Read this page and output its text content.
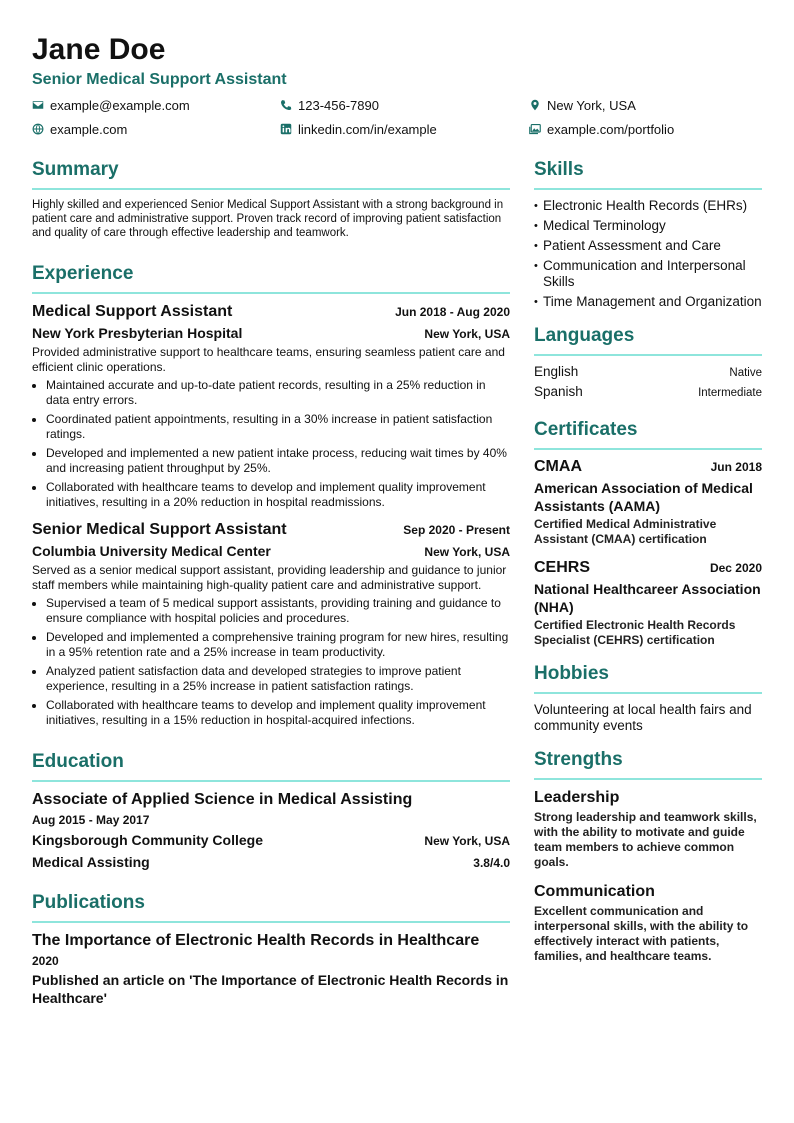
Jane Doe
Senior Medical Support Assistant
example@example.com	123-456-7890	New York, USA
example.com	linkedin.com/in/example	example.com/portfolio
Summary
Highly skilled and experienced Senior Medical Support Assistant with a strong background in patient care and administrative support. Proven track record of improving patient satisfaction and quality of care through effective leadership and teamwork.
Experience
Medical Support Assistant	Jun 2018 - Aug 2020
New York Presbyterian Hospital	New York, USA
Provided administrative support to healthcare teams, ensuring seamless patient care and efficient clinic operations.
• Maintained accurate and up-to-date patient records, resulting in a 25% reduction in data entry errors.
• Coordinated patient appointments, resulting in a 30% increase in patient satisfaction ratings.
• Developed and implemented a new patient intake process, reducing wait times by 40% and increasing patient throughput by 25%.
• Collaborated with healthcare teams to develop and implement quality improvement initiatives, resulting in a 20% reduction in hospital readmissions.
Senior Medical Support Assistant	Sep 2020 - Present
Columbia University Medical Center	New York, USA
Served as a senior medical support assistant, providing leadership and guidance to junior staff members while maintaining high-quality patient care and administrative support.
• Supervised a team of 5 medical support assistants, providing training and guidance to ensure compliance with hospital policies and procedures.
• Developed and implemented a comprehensive training program for new hires, resulting in a 95% retention rate and a 25% increase in team productivity.
• Analyzed patient satisfaction data and developed strategies to improve patient experience, resulting in a 25% increase in patient satisfaction ratings.
• Collaborated with healthcare teams to develop and implement quality improvement initiatives, resulting in a 15% reduction in hospital-acquired infections.
Education
Associate of Applied Science in Medical Assisting
Aug 2015 - May 2017
Kingsborough Community College	New York, USA
Medical Assisting	3.8/4.0
Publications
The Importance of Electronic Health Records in Healthcare
2020
Published an article on 'The Importance of Electronic Health Records in Healthcare'
Skills
• Electronic Health Records (EHRs)
• Medical Terminology
• Patient Assessment and Care
• Communication and Interpersonal Skills
• Time Management and Organization
Languages
English	Native
Spanish	Intermediate
Certificates
CMAA	Jun 2018
American Association of Medical Assistants (AAMA)
Certified Medical Administrative Assistant (CMAA) certification
CEHRS	Dec 2020
National Healthcareer Association (NHA)
Certified Electronic Health Records Specialist (CEHRS) certification
Hobbies
Volunteering at local health fairs and community events
Strengths
Leadership
Strong leadership and teamwork skills, with the ability to motivate and guide team members to achieve common goals.
Communication
Excellent communication and interpersonal skills, with the ability to effectively interact with patients, families, and healthcare teams.
